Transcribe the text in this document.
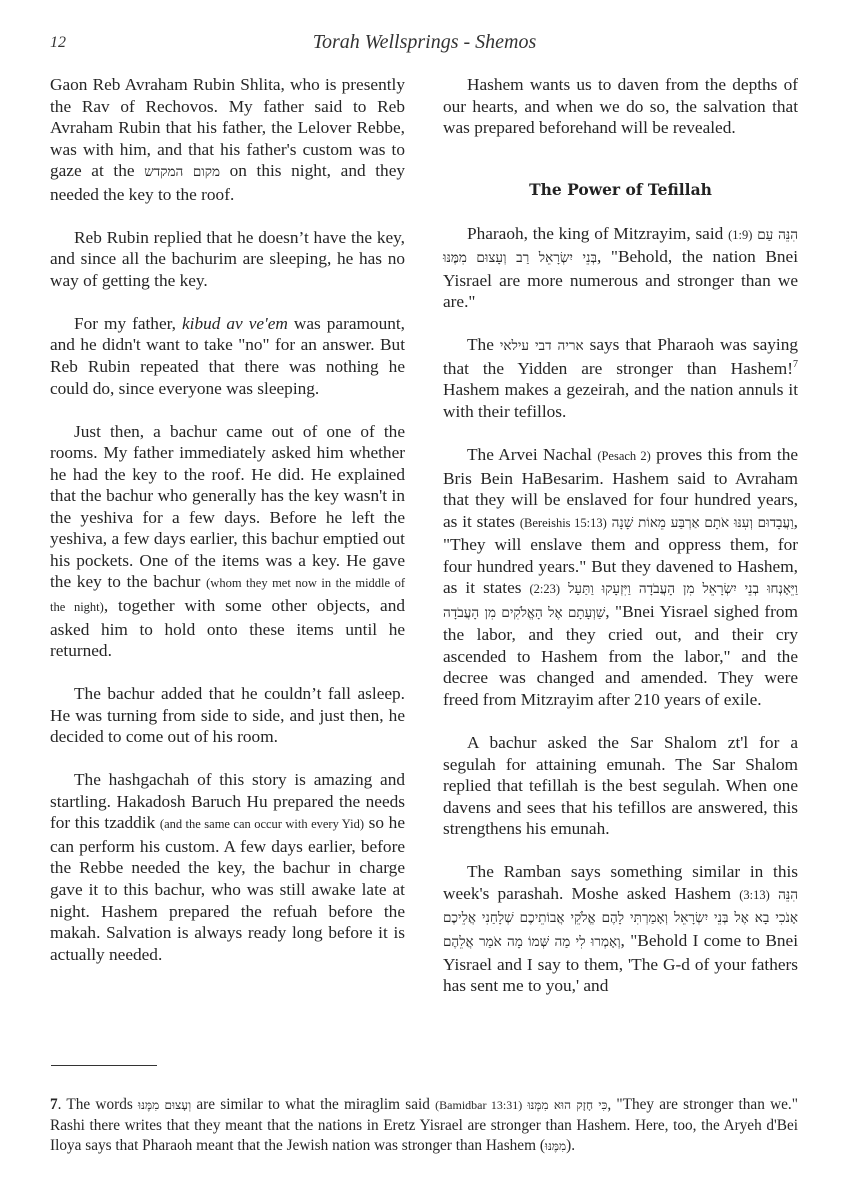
12	Torah Wellsprings - Shemos

Gaon Reb Avraham Rubin Shlita, who is presently the Rav of Rechovos. My father said to Reb Avraham Rubin that his father, the Lelover Rebbe, was with him, and that his father's custom was to gaze at the מקום המקדש on this night, and they needed the key to the roof.

Reb Rubin replied that he doesn’t have the key, and since all the bachurim are sleeping, he has no way of getting the key.

For my father, kibud av ve'em was paramount, and he didn't want to take "no" for an answer. But Reb Rubin repeated that there was nothing he could do, since everyone was sleeping.

Just then, a bachur came out of one of the rooms. My father immediately asked him whether he had the key to the roof. He did. He explained that the bachur who generally has the key wasn't in the yeshiva for a few days. Before he left the yeshiva, a few days earlier, this bachur emptied out his pockets. One of the items was a key. He gave the key to the bachur (whom they met now in the middle of the night), together with some other objects, and asked him to hold onto these items until he returned.

The bachur added that he couldn’t fall asleep. He was turning from side to side, and just then, he decided to come out of his room.

The hashgachah of this story is amazing and startling. Hakadosh Baruch Hu prepared the needs for this tzaddik (and the same can occur with every Yid) so he can perform his custom. A few days earlier, before the Rebbe needed the key, the bachur in charge gave it to this bachur, who was still awake late at night. Hashem prepared the refuah before the makah. Salvation is always ready long before it is actually needed.

Hashem wants us to daven from the depths of our hearts, and when we do so, the salvation that was prepared beforehand will be revealed.

The Power of Tefillah

Pharaoh, the king of Mitzrayim, said (1:9) הִנֵּה עַם בְּנֵי יִשְׂרָאֵל רַב וְעָצוּם מִמֶּנּוּ, "Behold, the nation Bnei Yisrael are more numerous and stronger than we are."

The אריה דבי עילאי says that Pharaoh was saying that the Yidden are stronger than Hashem!$^7$ Hashem makes a gezeirah, and the nation annuls it with their tefillos.

The Arvei Nachal (Pesach 2) proves this from the Bris Bein HaBesarim. Hashem said to Avraham that they will be enslaved for four hundred years, as it states (Bereishis 15:13) וַעֲבָדוּם וְעִנּוּ אֹתָם אַרְבַּע מֵאוֹת שָׁנָה, "They will enslave them and oppress them, for four hundred years." But they davened to Hashem, as it states (2:23) וַיֵּאָנְחוּ בְנֵי יִשְׂרָאֵל מִן הָעֲבֹדָה וַיִּזְעָקוּ וַתַּעַל שַׁוְעָתָם אֶל הָאֱלֹקִים מִן הָעֲבֹדָה, "Bnei Yisrael sighed from the labor, and they cried out, and their cry ascended to Hashem from the labor," and the decree was changed and amended. They were freed from Mitzrayim after 210 years of exile.

A bachur asked the Sar Shalom zt'l for a segulah for attaining emunah. The Sar Shalom replied that tefillah is the best segulah. When one davens and sees that his tefillos are answered, this strengthens his emunah.

The Ramban says something similar in this week's parashah. Moshe asked Hashem (3:13) הִנֵּה אָנֹכִי בָא אֶל בְּנֵי יִשְׂרָאֵל וְאָמַרְתִּי לָהֶם אֱלֹקֵי אֲבוֹתֵיכֶם שְׁלָחַנִי אֲלֵיכֶם וְאָמְרוּ לִי מַה שְּׁמוֹ מָה אֹמַר אֲלֵהֶם, "Behold I come to Bnei Yisrael and I say to them, 'The G-d of your fathers has sent me to you,' and

7. The words וְעָצוּם מִמֶּנּוּ are similar to what the miraglim said (Bamidbar 13:31) כִּי חָזָק הוּא מִמֶּנּוּ, "They are stronger than we." Rashi there writes that they meant that the nations in Eretz Yisrael are stronger than Hashem. Here, too, the Aryeh d'Bei Iloya says that Pharaoh meant that the Jewish nation was stronger than Hashem (מִמֶּנּוּ).
